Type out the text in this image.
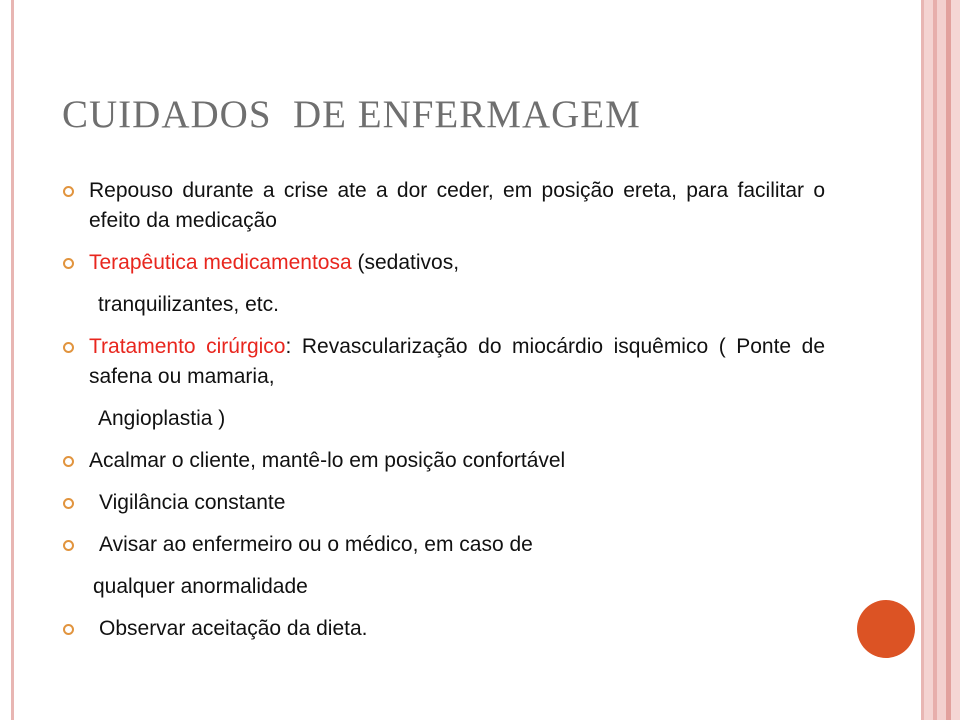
CUIDADOS  DE ENFERMAGEM
Repouso durante a crise ate a dor ceder, em posição ereta, para facilitar o efeito da medicação
Terapêutica medicamentosa (sedativos,
tranquilizantes, etc.
Tratamento cirúrgico: Revascularização do miocárdio isquêmico ( Ponte de safena ou mamaria,
Angioplastia )
Acalmar o cliente, mantê-lo em posição confortável
Vigilância constante
Avisar ao enfermeiro ou o médico, em caso de
qualquer anormalidade
Observar aceitação da dieta.
